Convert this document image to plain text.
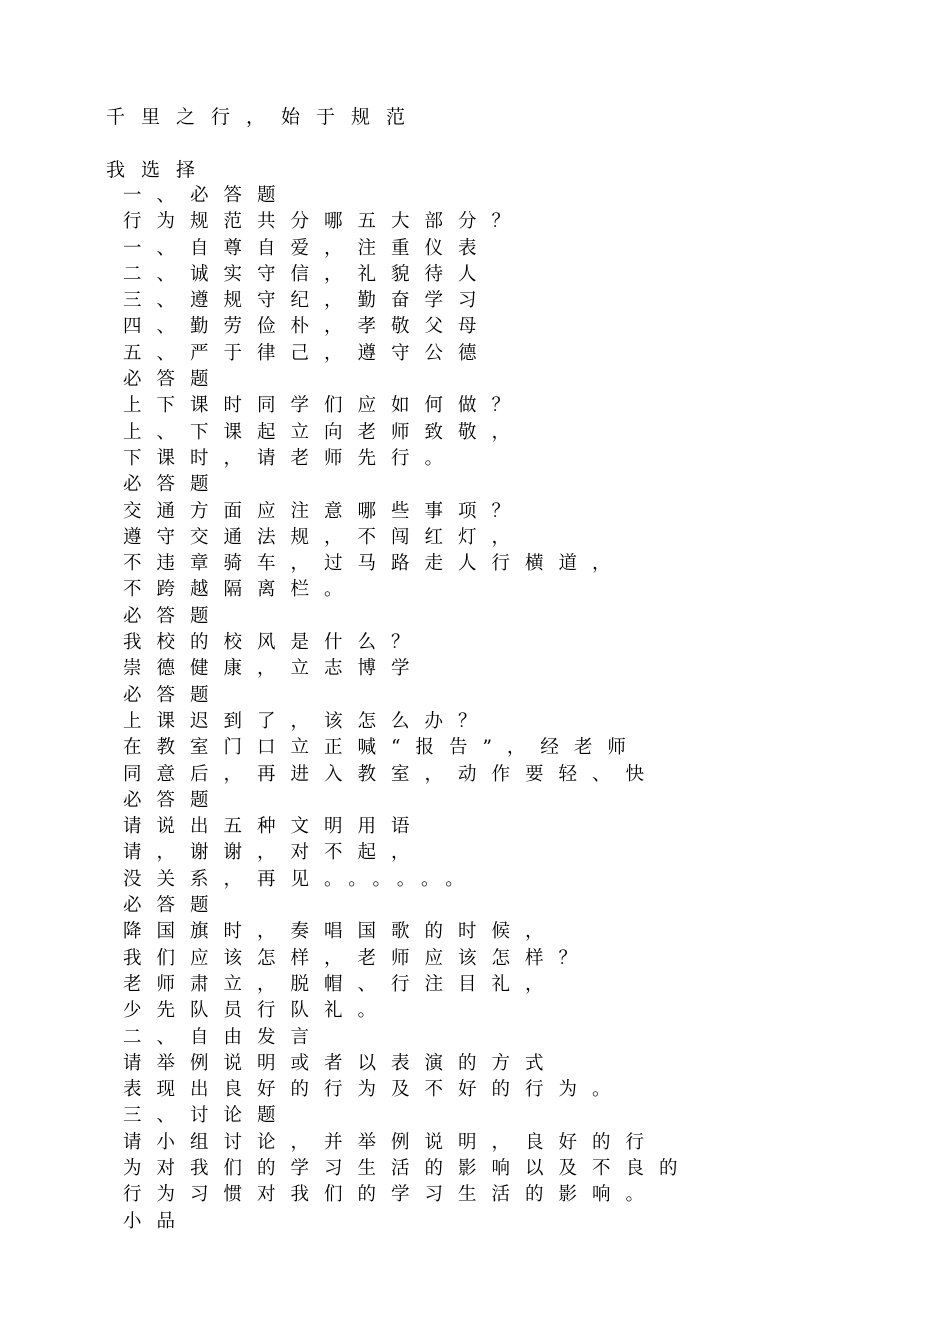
千里之行，始于规范
我选择
一、必答题
行为规范共分哪五大部分？
一、自尊自爱，注重仪表
二、诚实守信，礼貌待人
三、遵规守纪，勤奋学习
四、勤劳俭朴，孝敬父母
五、严于律己，遵守公德
必答题
上下课时同学们应如何做？
上、下课起立向老师致敬，
下课时，请老师先行。
必答题
交通方面应注意哪些事项？
遵守交通法规，不闯红灯，
不违章骑车，过马路走人行横道，
不跨越隔离栏。
必答题
我校的校风是什么？
崇德健康，立志博学
必答题
上课迟到了，该怎么办？
在教室门口立正喊“报告”，经老师
同意后，再进入教室，动作要轻、快
必答题
请说出五种文明用语
请，谢谢，对不起，
没关系，再见。。。。。。
必答题
降国旗时，奏唱国歌的时候，
我们应该怎样，老师应该怎样？
老师肃立，脱帽、行注目礼，
少先队员行队礼。
二、自由发言
请举例说明或者以表演的方式
表现出良好的行为及不好的行为。
三、讨论题
请小组讨论，并举例说明，良好的行
为对我们的学习生活的影响以及不良的
行为习惯对我们的学习生活的影响。
小品
